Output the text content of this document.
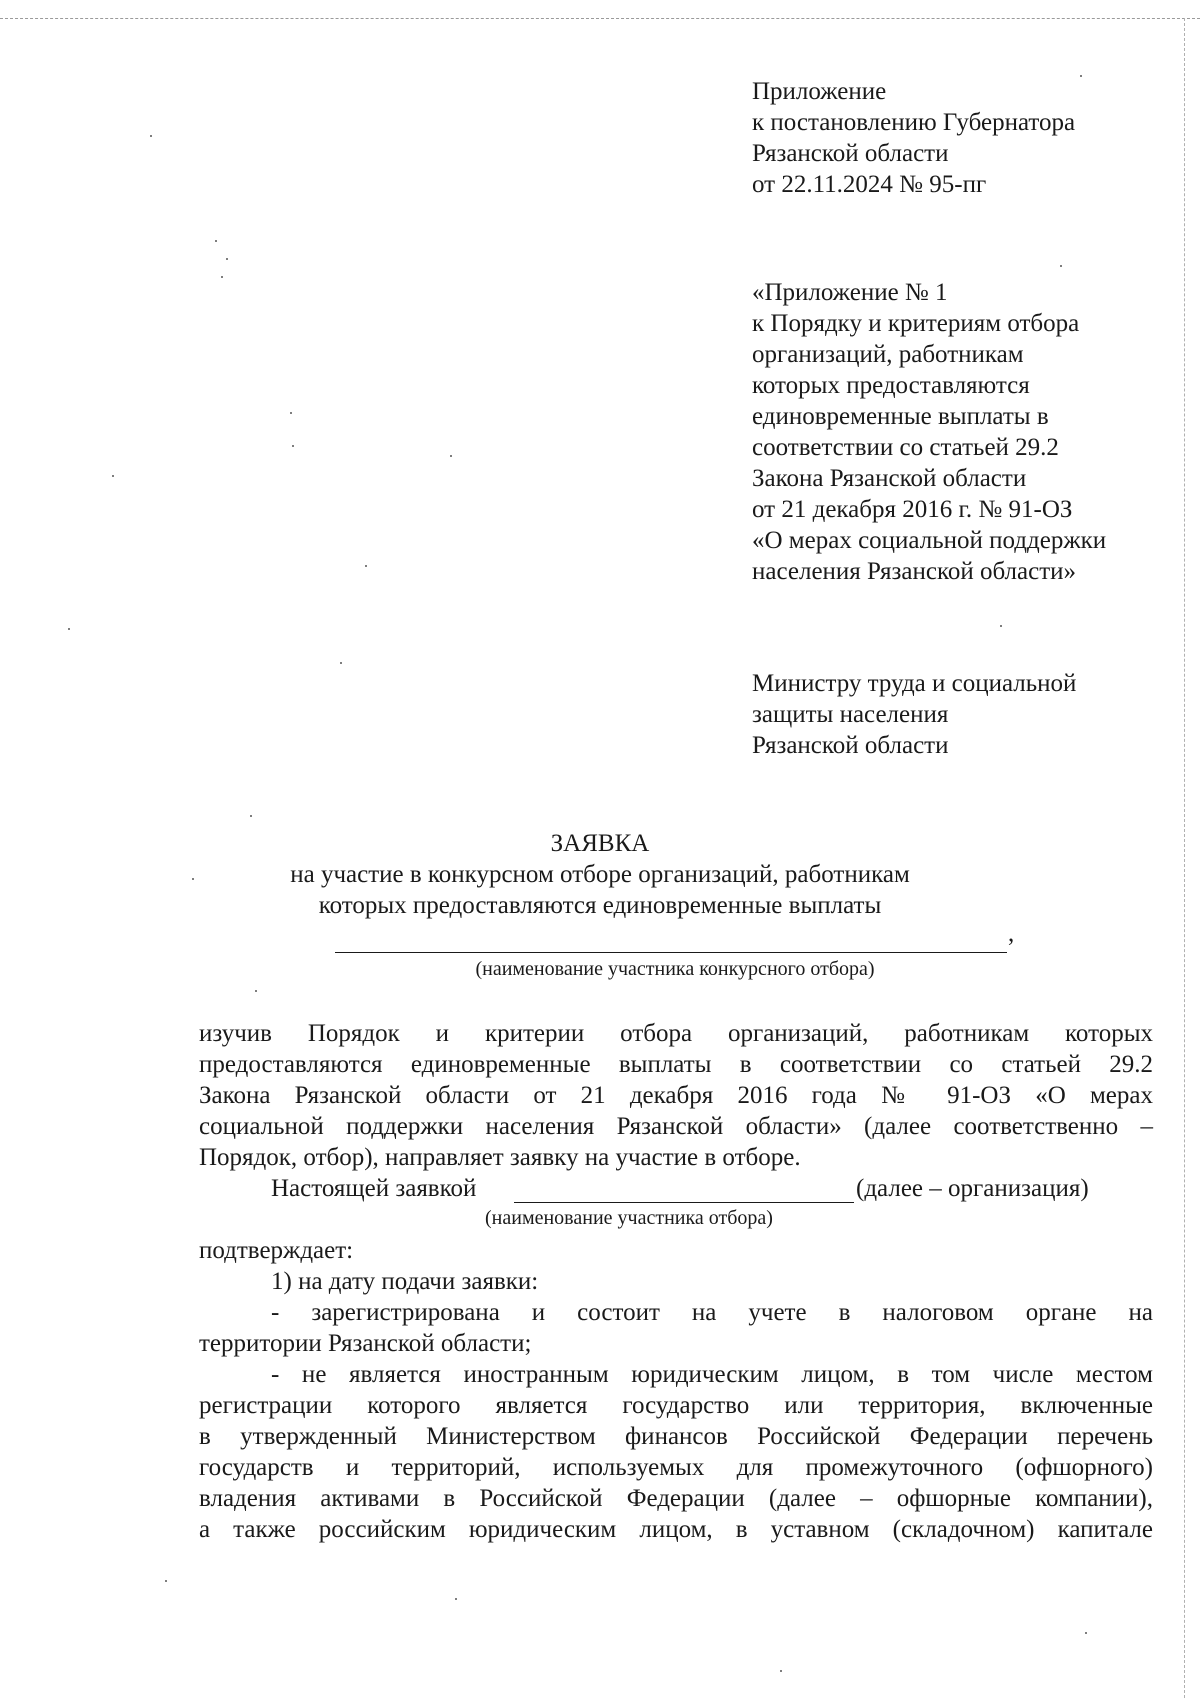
Приложение
к постановлению Губернатора
Рязанской области
от 22.11.2024 № 95-пг
«Приложение № 1
к Порядку и критериям отбора
организаций, работникам
которых предоставляются
единовременные выплаты в
соответствии со статьей 29.2
Закона Рязанской области
от 21 декабря 2016 г. № 91-ОЗ
«О мерах социальной поддержки
населения Рязанской области»
Министру труда и социальной
защиты населения
Рязанской области
ЗАЯВКА
на участие в конкурсном отборе организаций, работникам
которых предоставляются единовременные выплаты
,
(наименование участника конкурсного отбора)
изучив Порядок и критерии отбора организаций, работникам которых
предоставляются единовременные выплаты в соответствии со статьей 29.2
Закона Рязанской области от 21 декабря 2016 года № 91-ОЗ «О мерах
социальной поддержки населения Рязанской области» (далее соответственно –
Порядок, отбор), направляет заявку на участие в отборе.
Настоящей заявкой	(далее – организация)
(наименование участника отбора)
подтверждает:
1) на дату подачи заявки:
- зарегистрирована и состоит на учете в налоговом органе на
территории Рязанской области;
- не является иностранным юридическим лицом, в том числе местом
регистрации которого является государство или территория, включенные
в утвержденный Министерством финансов Российской Федерации перечень
государств и территорий, используемых для промежуточного (офшорного)
владения активами в Российской Федерации (далее – офшорные компании),
а также российским юридическим лицом, в уставном (складочном) капитале
